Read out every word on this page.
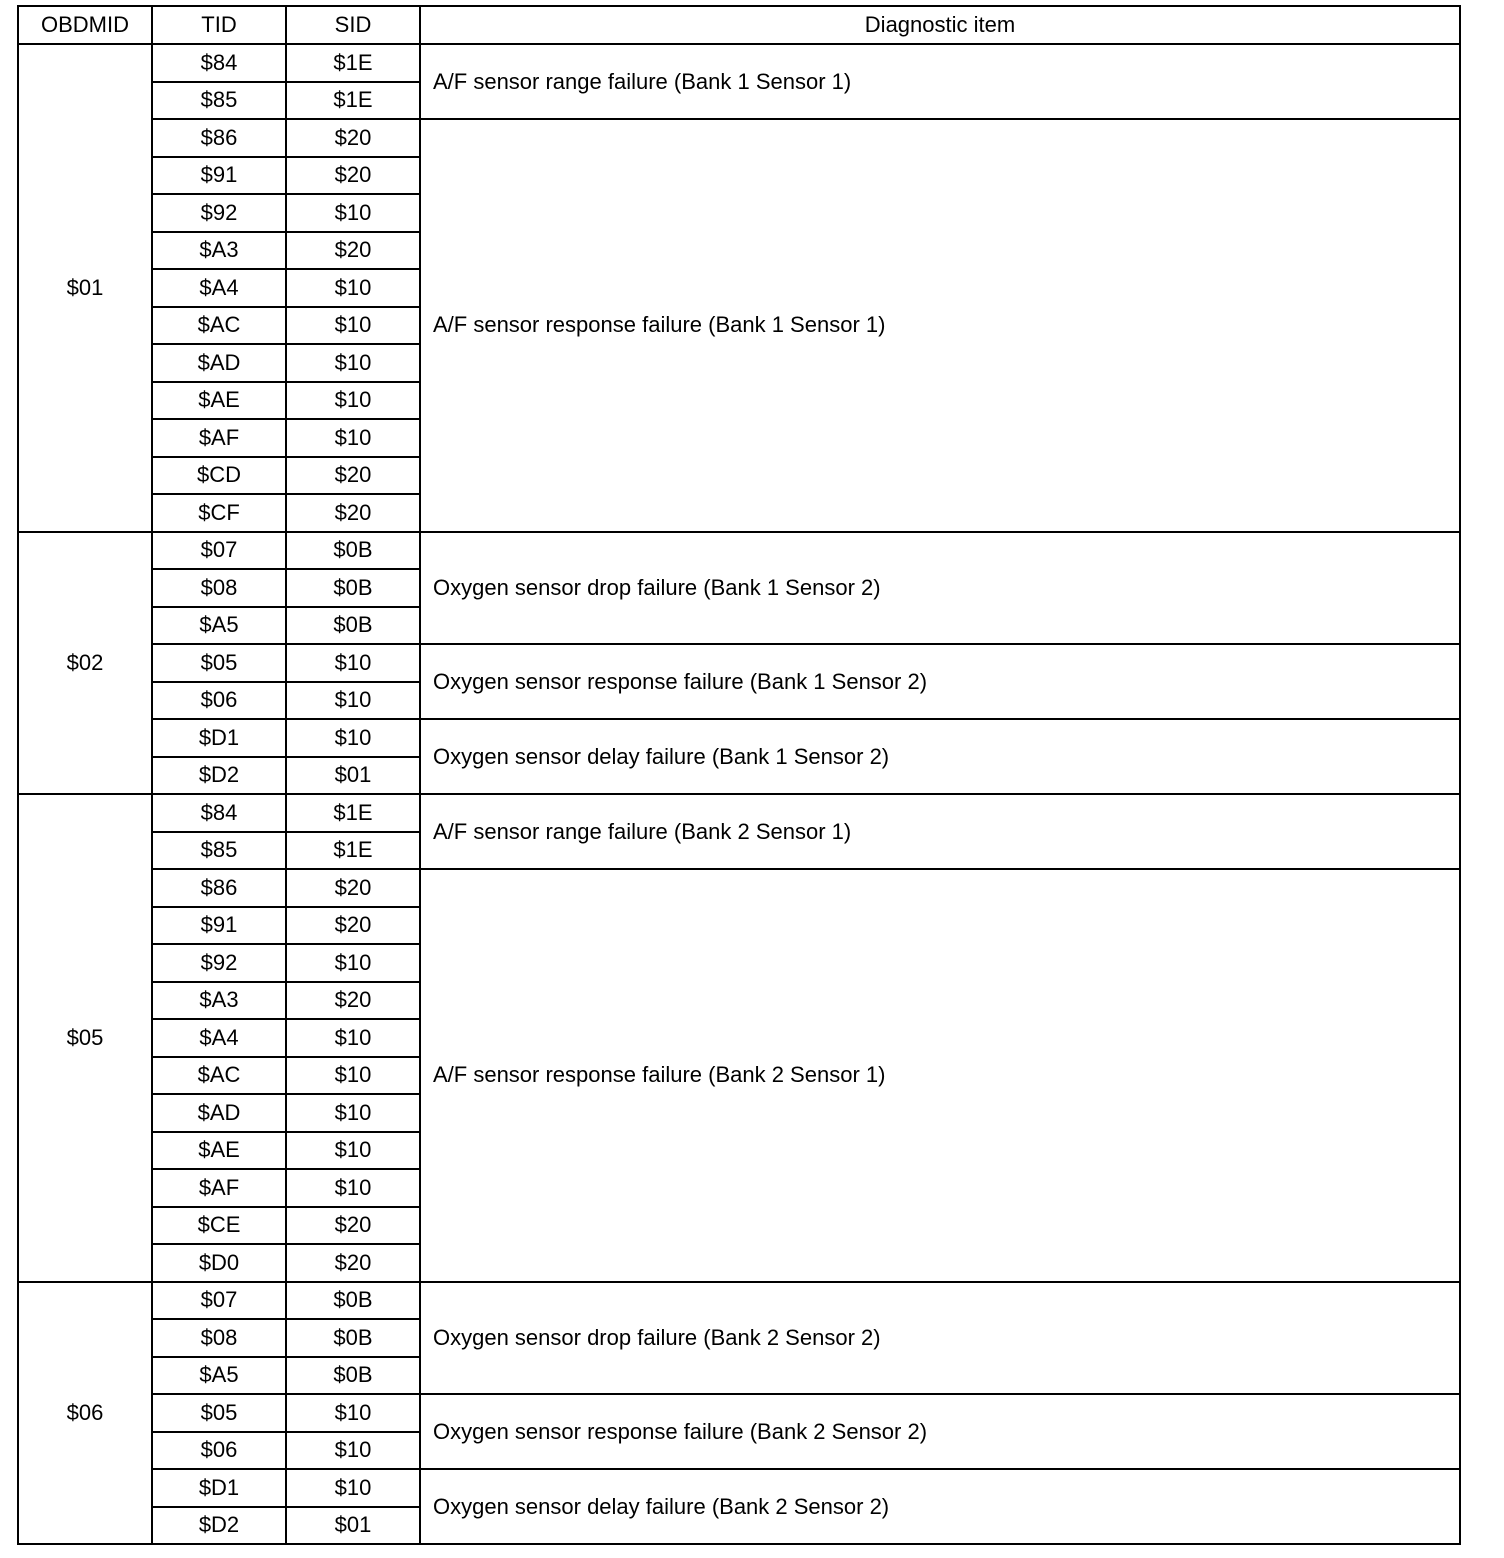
OBDMID	TID	SID	Diagnostic item
$01	$84	$1E	A/F sensor range failure (Bank 1 Sensor 1)
	$85	$1E	
	$86	$20	A/F sensor response failure (Bank 1 Sensor 1)
	$91	$20	
	$92	$10	
	$A3	$20	
	$A4	$10	
	$AC	$10	
	$AD	$10	
	$AE	$10	
	$AF	$10	
	$CD	$20	
	$CF	$20	
$02	$07	$0B	Oxygen sensor drop failure (Bank 1 Sensor 2)
	$08	$0B	
	$A5	$0B	
	$05	$10	Oxygen sensor response failure (Bank 1 Sensor 2)
	$06	$10	
	$D1	$10	Oxygen sensor delay failure (Bank 1 Sensor 2)
	$D2	$01	
$05	$84	$1E	A/F sensor range failure (Bank 2 Sensor 1)
	$85	$1E	
	$86	$20	A/F sensor response failure (Bank 2 Sensor 1)
	$91	$20	
	$92	$10	
	$A3	$20	
	$A4	$10	
	$AC	$10	
	$AD	$10	
	$AE	$10	
	$AF	$10	
	$CE	$20	
	$D0	$20	
$06	$07	$0B	Oxygen sensor drop failure (Bank 2 Sensor 2)
	$08	$0B	
	$A5	$0B	
	$05	$10	Oxygen sensor response failure (Bank 2 Sensor 2)
	$06	$10	
	$D1	$10	Oxygen sensor delay failure (Bank 2 Sensor 2)
	$D2	$01	
